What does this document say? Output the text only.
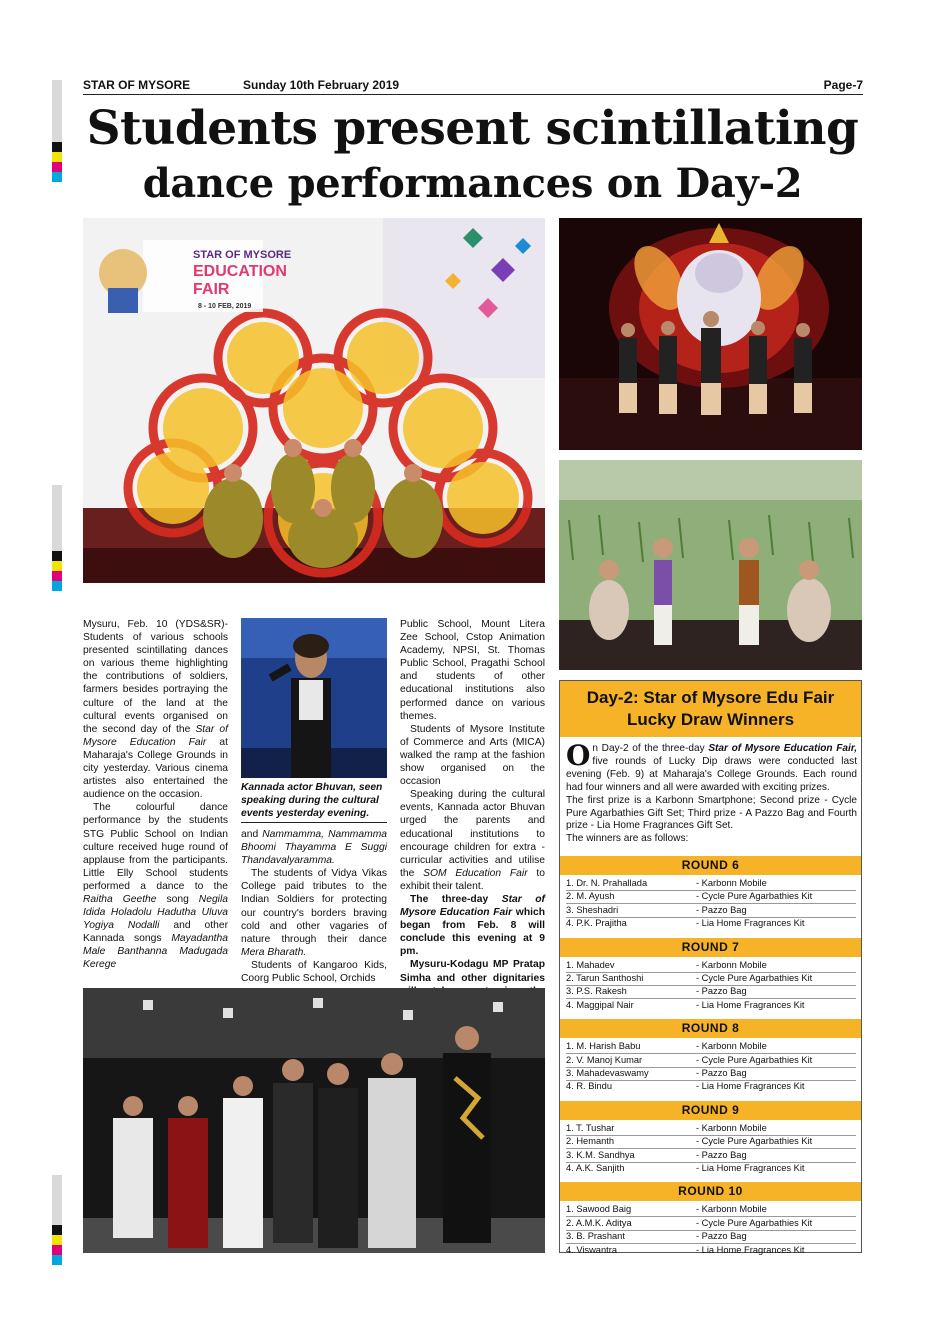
STAR OF MYSORE	Sunday 10th February 2019	Page-7
Students present scintillating
dance performances on Day-2
STAR OF MYSORE
EDUCATION
FAIR
8 - 10 FEB, 2019
Kannada actor Bhuvan, seen speaking during the cultural events yesterday evening.

Mysuru, Feb. 10 (YDS&SR)- Students of various schools presented scintillating dances on various theme highlighting the contributions of soldiers, farmers besides portraying the culture of the land at the cultural events organised on the second day of the Star of Mysore Education Fair at Maharaja's College Grounds in city yesterday. Various cinema artistes also entertained the audience on the occasion.

The colourful dance performance by the students STG Public School on Indian culture received huge round of applause from the participants. Little Elly School students performed a dance to the Raitha Geethe song Negila Idida Holadolu Hadutha Uluva Yogiya Nodalli and other Kannada songs Mayadantha Male Banthanna Madugada Kerege

and Nammamma, Nammamma Bhoomi Thayamma E Suggi Thandavalyaramma.

The students of Vidya Vikas College paid tributes to the Indian Soldiers for protecting our country's borders braving cold and other vagaries of nature through their dance Mera Bharath.

Students of Kangaroo Kids, Coorg Public School, Orchids

Public School, Mount Litera Zee School, Cstop Animation Academy, NPSI, St. Thomas Public School, Pragathi School and students of other educational institutions also performed dance on various themes.

Students of Mysore Institute of Commerce and Arts (MICA) walked the ramp at the fashion show organised on the occasion

Speaking during the cultural events, Kannada actor Bhuvan urged the parents and educational institutions to encourage children for extra -curricular activities and utilise the SOM Education Fair to exhibit their talent.

The three-day Star of Mysore Education Fair which began from Feb. 8 will conclude this evening at 9 pm.

Mysuru-Kodagu MP Pratap Simha and other dignitaries

Day-2: Star of Mysore Edu Fair
Lucky Draw Winners

On Day-2 of the three-day Star of Mysore Education Fair, five rounds of Lucky Dip draws were conducted last evening (Feb. 9) at Maharaja's College Grounds. Each round had four winners and all were awarded with exciting prizes.

The first prize is a Karbonn Smartphone; Second prize - Cycle Pure Agarbathies Gift Set; Third prize - A Pazzo Bag and Fourth prize - Lia Home Fragrances Gift Set.

The winners are as follows:

ROUND 6
1. Dr. N. Prahallada	- Karbonn Mobile
2. M. Ayush	- Cycle Pure Agarbathies Kit
3. Sheshadri	- Pazzo Bag
4. P.K. Prajitha	- Lia Home Fragrances Kit
ROUND 7
1. Mahadev	- Karbonn Mobile
2. Tarun Santhoshi	- Cycle Pure Agarbathies Kit
3. P.S. Rakesh	- Pazzo Bag
4. Maggipal Nair	- Lia Home Fragrances Kit
ROUND 8
1. M. Harish Babu	- Karbonn Mobile
2. V. Manoj Kumar	- Cycle Pure Agarbathies Kit
3. Mahadevaswamy	- Pazzo Bag
4. R. Bindu	- Lia Home Fragrances Kit
ROUND 9
1. T. Tushar	- Karbonn Mobile
2. Hemanth	- Cycle Pure Agarbathies Kit
3. K.M. Sandhya	- Pazzo Bag
4. A.K. Sanjith	- Lia Home Fragrances Kit
ROUND 10
1. Sawood Baig	- Karbonn Mobile
2. A.M.K. Aditya	- Cycle Pure Agarbathies Kit
3. B. Prashant	- Pazzo Bag
4. Viswantra	- Lia Home Fragrances Kit
